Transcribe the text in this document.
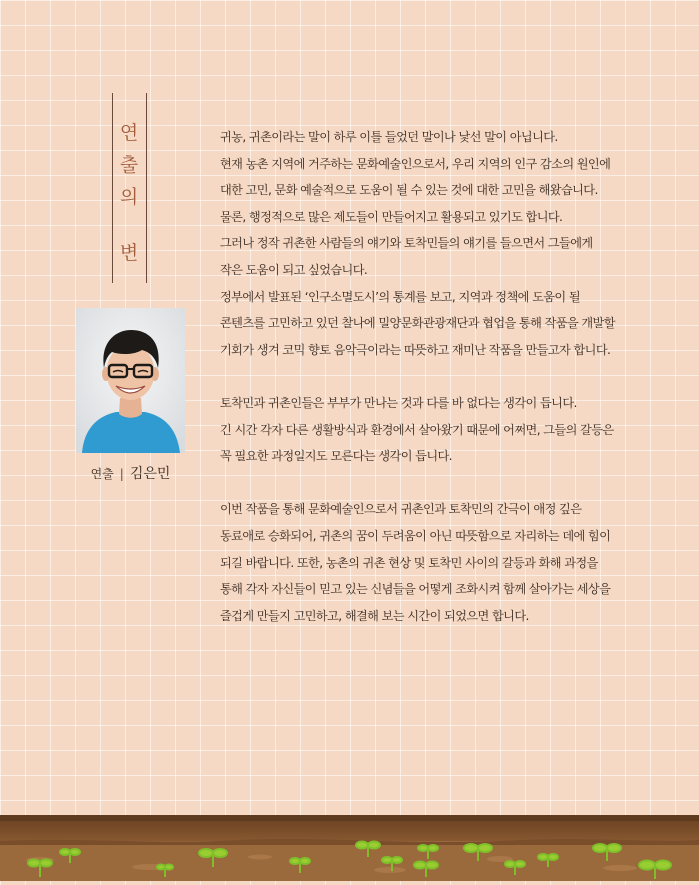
연
출
의
변
연출 | 김은민
귀농, 귀촌이라는 말이 하루 이틀 들었던 말이나 낯선 말이 아닙니다.
현재 농촌 지역에 거주하는 문화예술인으로서, 우리 지역의 인구 감소의 원인에
대한 고민, 문화 예술적으로 도움이 될 수 있는 것에 대한 고민을 해왔습니다.
물론, 행정적으로 많은 제도들이 만들어지고 활용되고 있기도 합니다.
그러나 정작 귀촌한 사람들의 얘기와 토착민들의 얘기를 들으면서 그들에게
작은 도움이 되고 싶었습니다.
정부에서 발표된 ‘인구소멸도시’의 통계를 보고, 지역과 정책에 도움이 될
콘텐츠를 고민하고 있던 찰나에 밀양문화관광재단과 협업을 통해 작품을 개발할
기회가 생겨 코믹 향토 음악극이라는 따뜻하고 재미난 작품을 만들고자 합니다.
토착민과 귀촌인들은 부부가 만나는 것과 다를 바 없다는 생각이 듭니다.
긴 시간 각자 다른 생활방식과 환경에서 살아왔기 때문에 어쩌면, 그들의 갈등은
꼭 필요한 과정일지도 모른다는 생각이 듭니다.
이번 작품을 통해 문화예술인으로서 귀촌인과 토착민의 간극이 애정 깊은
동료애로 승화되어, 귀촌의 꿈이 두려움이 아닌 따뜻함으로 자리하는 데에 힘이
되길 바랍니다. 또한, 농촌의 귀촌 현상 및 토착민 사이의 갈등과 화해 과정을
통해 각자 자신들이 믿고 있는 신념들을 어떻게 조화시켜 함께 살아가는 세상을
즐겁게 만들지 고민하고, 해결해 보는 시간이 되었으면 합니다.
